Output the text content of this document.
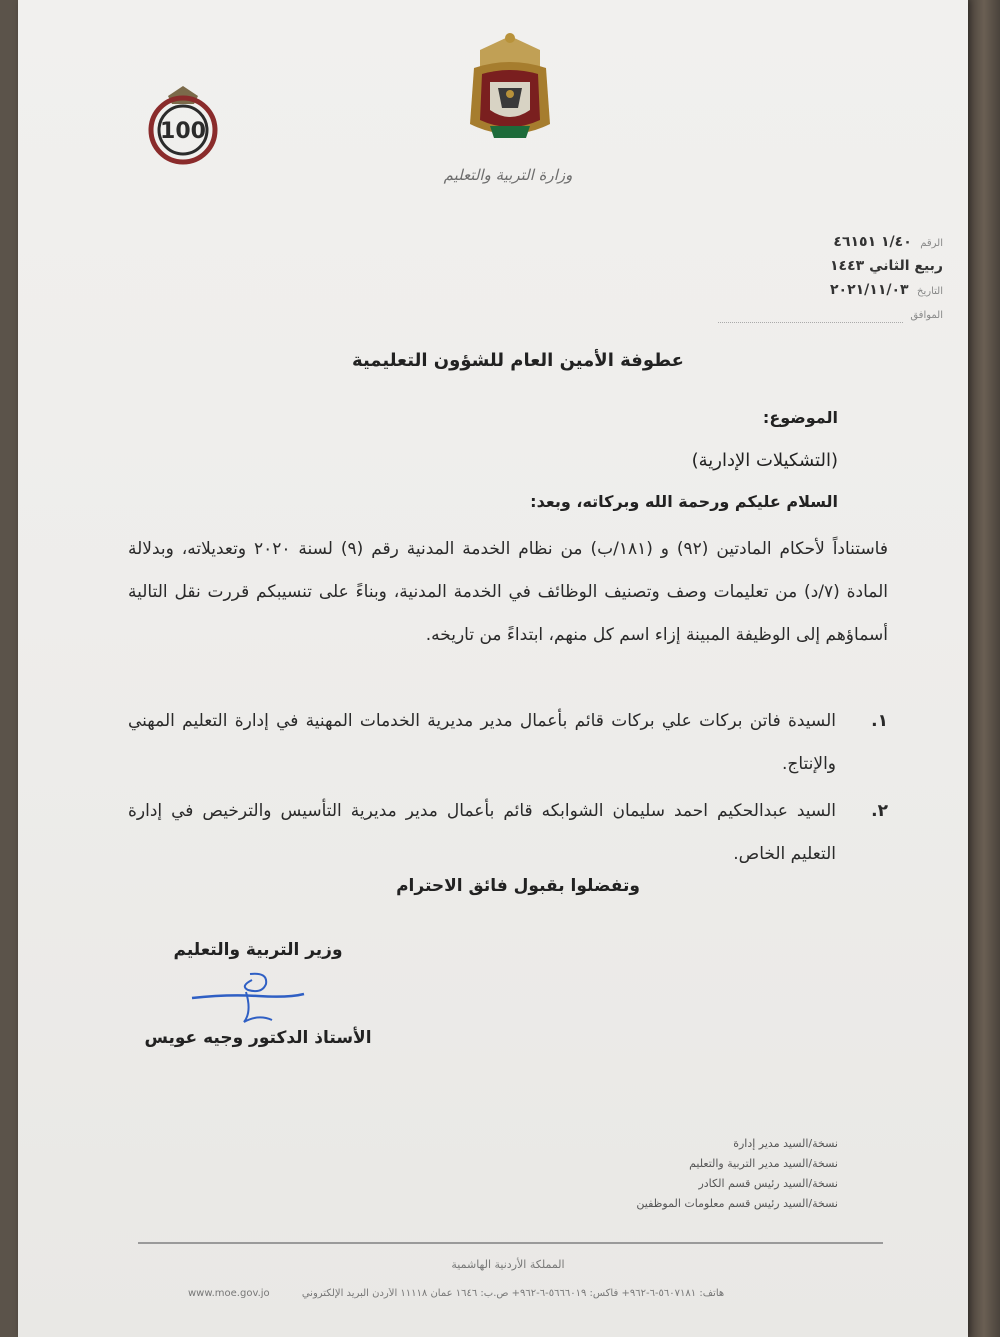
100
وزارة التربية والتعليم
الرقم ١/٤٠ ٤٦١٥١
ربيع الثاني ١٤٤٣
التاريخ ٢٠٢١/١١/٠٣
الموافق
عطوفة الأمين العام للشؤون التعليمية
الموضوع:
(التشكيلات الإدارية)
السلام عليكم ورحمة الله وبركاته، وبعد:
فاستناداً لأحكام المادتين (٩٢) و (١٨١/ب) من نظام الخدمة المدنية رقم (٩) لسنة ٢٠٢٠ وتعديلاته، وبدلالة المادة (٧/د) من تعليمات وصف وتصنيف الوظائف في الخدمة المدنية، وبناءً على تنسيبكم قررت نقل التالية أسماؤهم إلى الوظيفة المبينة إزاء اسم كل منهم، ابتداءً من تاريخه.
١.
السيدة فاتن بركات علي بركات قائم بأعمال مدير مديرية الخدمات المهنية في إدارة التعليم المهني والإنتاج.
٢.
السيد عبدالحكيم احمد سليمان الشوابكه قائم بأعمال مدير مديرية التأسيس والترخيص في إدارة التعليم الخاص.
وتفضلوا بقبول فائق الاحترام
وزير التربية والتعليم
الأستاذ الدكتور وجيه عويس
نسخة/السيد مدير إدارة
نسخة/السيد مدير التربية والتعليم
نسخة/السيد رئيس قسم الكادر
نسخة/السيد رئيس قسم معلومات الموظفين
المملكة الأردنية الهاشمية
هاتف: ٥٦٠٧١٨١-٦-٩٦٢+ فاكس: ٥٦٦٦٠١٩-٦-٩٦٢+ ص.ب: ١٦٤٦ عمان ١١١١٨ الأردن البريد الإلكتروني
www.moe.gov.jo
